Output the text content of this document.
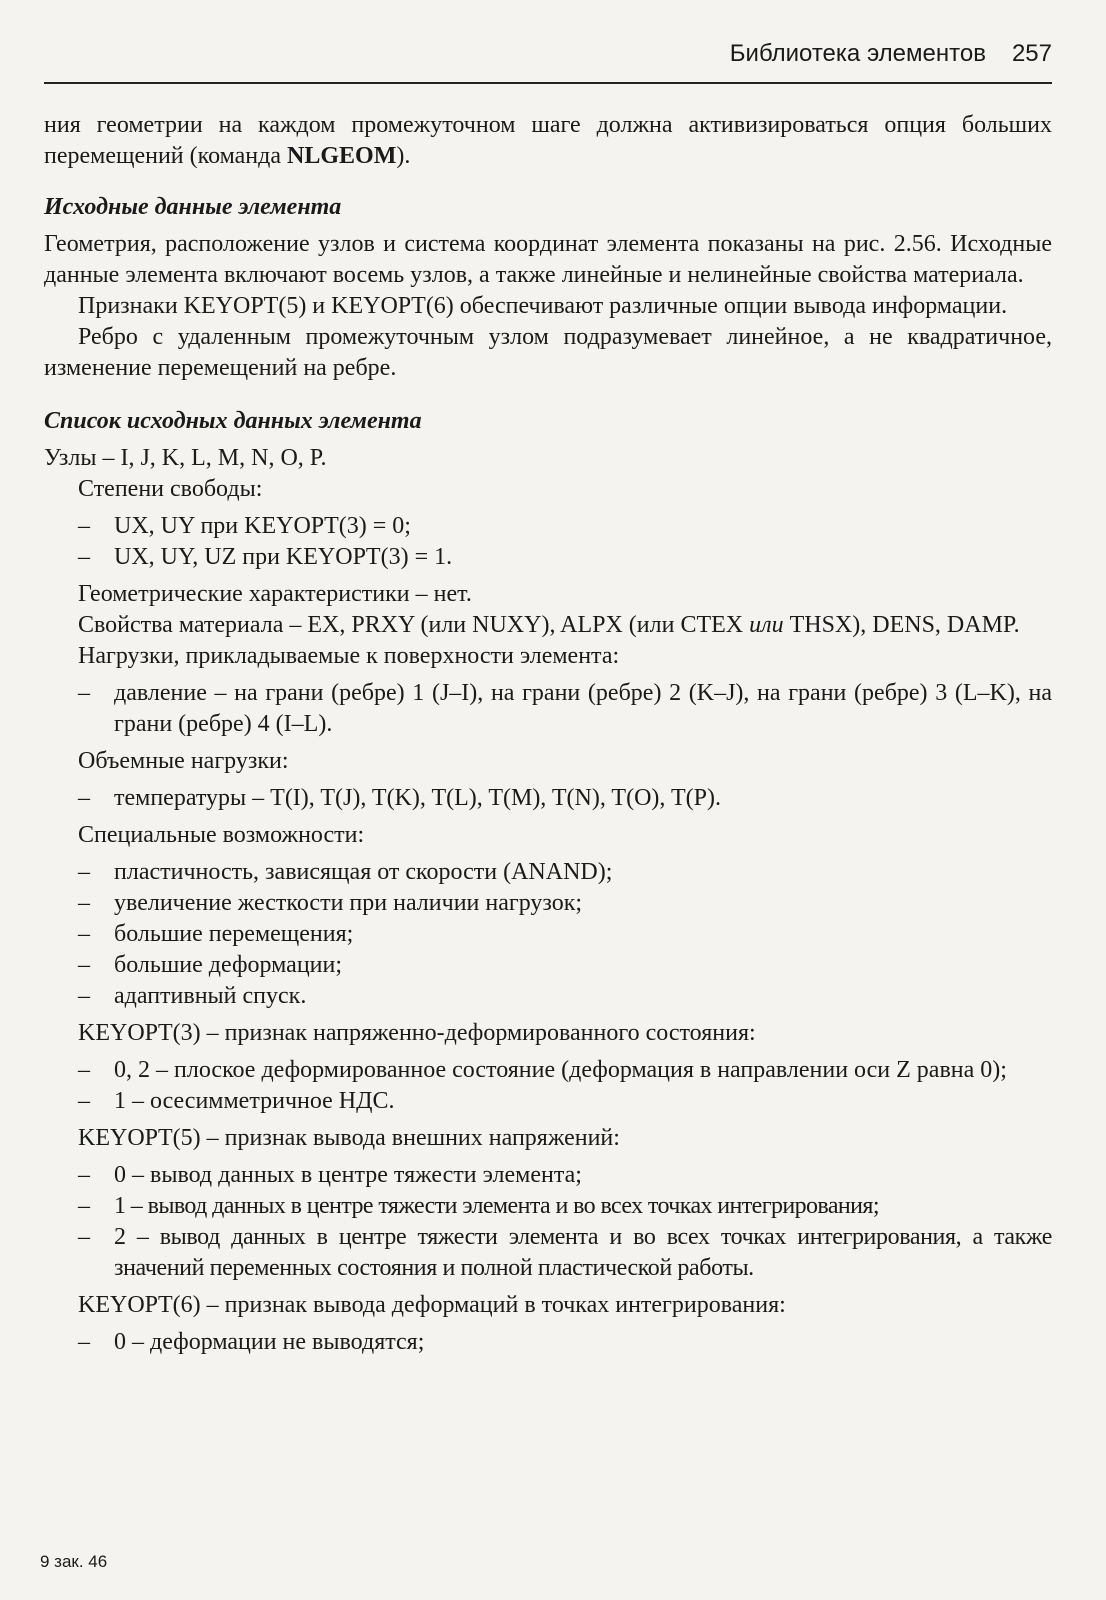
Библиотека элементов 257
ния геометрии на каждом промежуточном шаге должна активизироваться опция больших перемещений (команда NLGEOM).
Исходные данные элемента
Геометрия, расположение узлов и система координат элемента показаны на рис. 2.56. Исходные данные элемента включают восемь узлов, а также линейные и нелинейные свойства материала.
Признаки KEYOPT(5) и KEYOPT(6) обеспечивают различные опции вывода информации.
Ребро с удаленным промежуточным узлом подразумевает линейное, а не квадратичное, изменение перемещений на ребре.
Список исходных данных элемента
Узлы – I, J, K, L, M, N, O, P.
Степени свободы:
– UX, UY при KEYOPT(3) = 0;
– UX, UY, UZ при KEYOPT(3) = 1.
Геометрические характеристики – нет.
Свойства материала – EX, PRXY (или NUXY), ALPX (или CTEX или THSX), DENS, DAMP.
Нагрузки, прикладываемые к поверхности элемента:
– давление – на грани (ребре) 1 (J–I), на грани (ребре) 2 (K–J), на грани (ребре) 3 (L–K), на грани (ребре) 4 (I–L).
Объемные нагрузки:
– температуры – T(I), T(J), T(K), T(L), T(M), T(N), T(O), T(P).
Специальные возможности:
– пластичность, зависящая от скорости (ANAND);
– увеличение жесткости при наличии нагрузок;
– большие перемещения;
– большие деформации;
– адаптивный спуск.
KEYOPT(3) – признак напряженно-деформированного состояния:
– 0, 2 – плоское деформированное состояние (деформация в направлении оси Z равна 0);
– 1 – осесимметричное НДС.
KEYOPT(5) – признак вывода внешних напряжений:
– 0 – вывод данных в центре тяжести элемента;
– 1 – вывод данных в центре тяжести элемента и во всех точках интегрирования;
– 2 – вывод данных в центре тяжести элемента и во всех точках интегрирования, а также значений переменных состояния и полной пластической работы.
KEYOPT(6) – признак вывода деформаций в точках интегрирования:
– 0 – деформации не выводятся;
9 зак. 46
